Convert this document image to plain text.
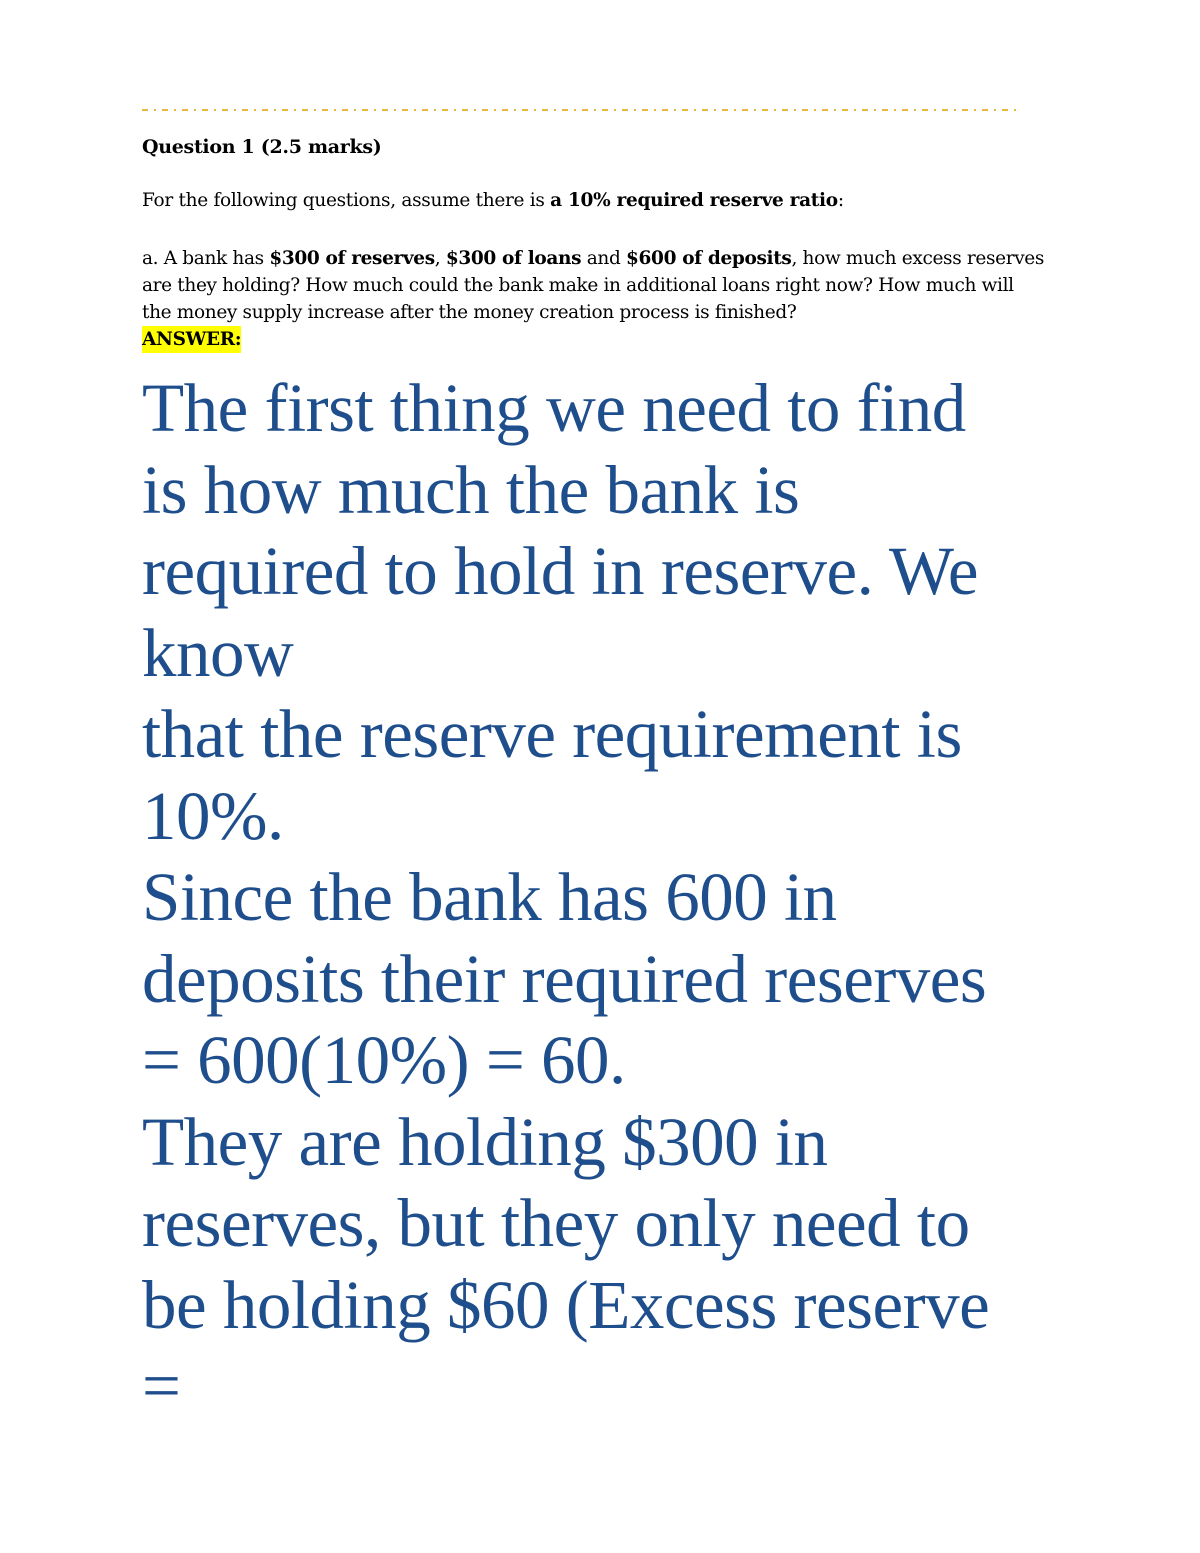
Question 1 (2.5 marks)
For the following questions, assume there is a 10% required reserve ratio:
a. A bank has $300 of reserves, $300 of loans and $600 of deposits, how much excess reserves
are they holding? How much could the bank make in additional loans right now? How much will
the money supply increase after the money creation process is finished?
ANSWER:
The first thing we need to find
is how much the bank is
required to hold in reserve. We
know
that the reserve requirement is
10%.
Since the bank has 600 in
deposits their required reserves
= 600(10%) = 60.
They are holding $300 in
reserves, but they only need to
be holding $60 (Excess reserve
=
